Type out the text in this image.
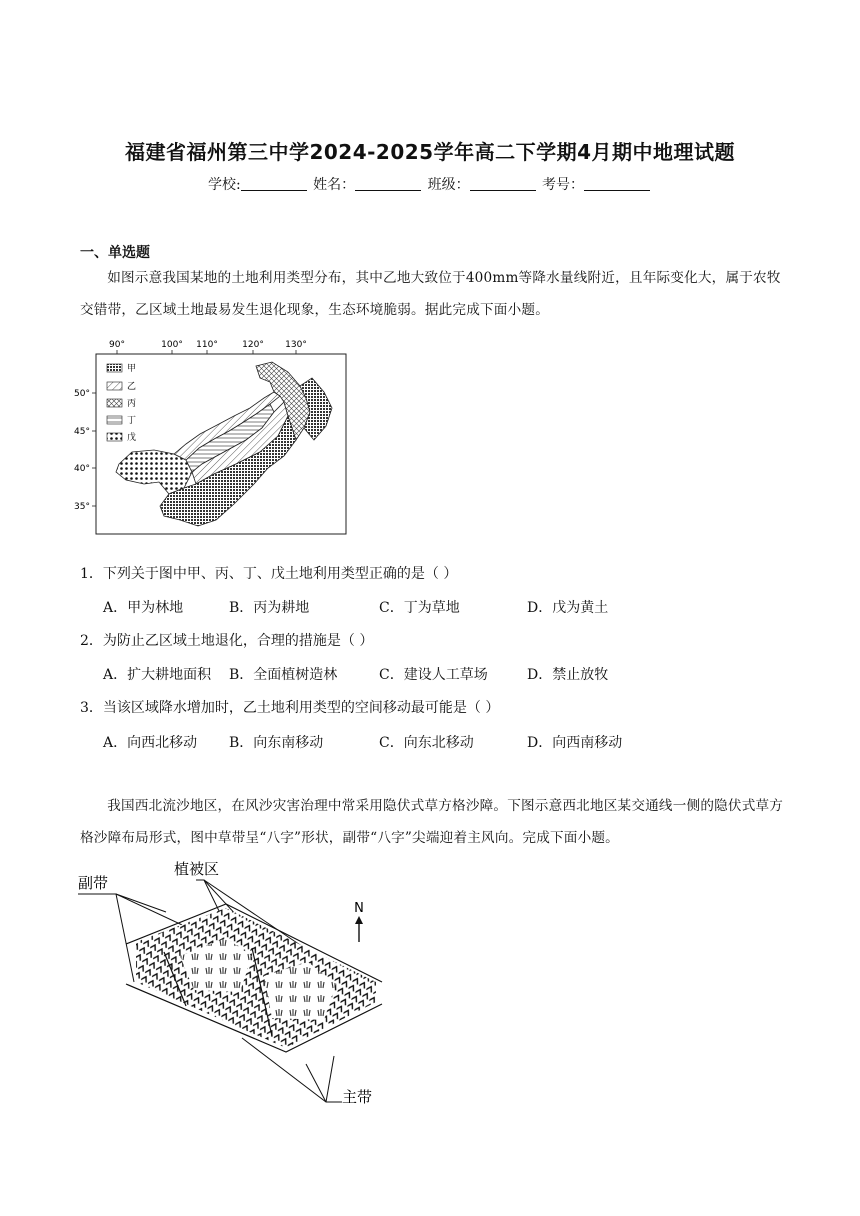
福建省福州第三中学2024-2025学年高二下学期4月期中地理试题
学校:	姓名：	班级：	考号：
一、单选题
如图示意我国某地的土地利用类型分布，其中乙地大致位于400mm等降水量线附近，且年际变化大，属于农牧交错带，乙区域土地最易发生退化现象，生态环境脆弱。据此完成下面小题。
90°	100° 110°	120° 130°
50°
45°
40°
35°
甲
乙
丙
丁
戊
1．下列关于图中甲、丙、丁、戊土地利用类型正确的是（ ）
A．甲为林地	B．丙为耕地	C．丁为草地	D．戊为黄土
2．为防止乙区域土地退化，合理的措施是（ ）
A．扩大耕地面积 B．全面植树造林	C．建设人工草场	D．禁止放牧
3．当该区域降水增加时，乙土地利用类型的空间移动最可能是（ ）
A．向西北移动 B．向东南移动	C．向东北移动	D．向西南移动
我国西北流沙地区，在风沙灾害治理中常采用隐伏式草方格沙障。下图示意西北地区某交通线一侧的隐伏式草方格沙障布局形式，图中草带呈“八字”形状，副带“八字”尖端迎着主风向。完成下面小题。
副带
植被区
主带
N
